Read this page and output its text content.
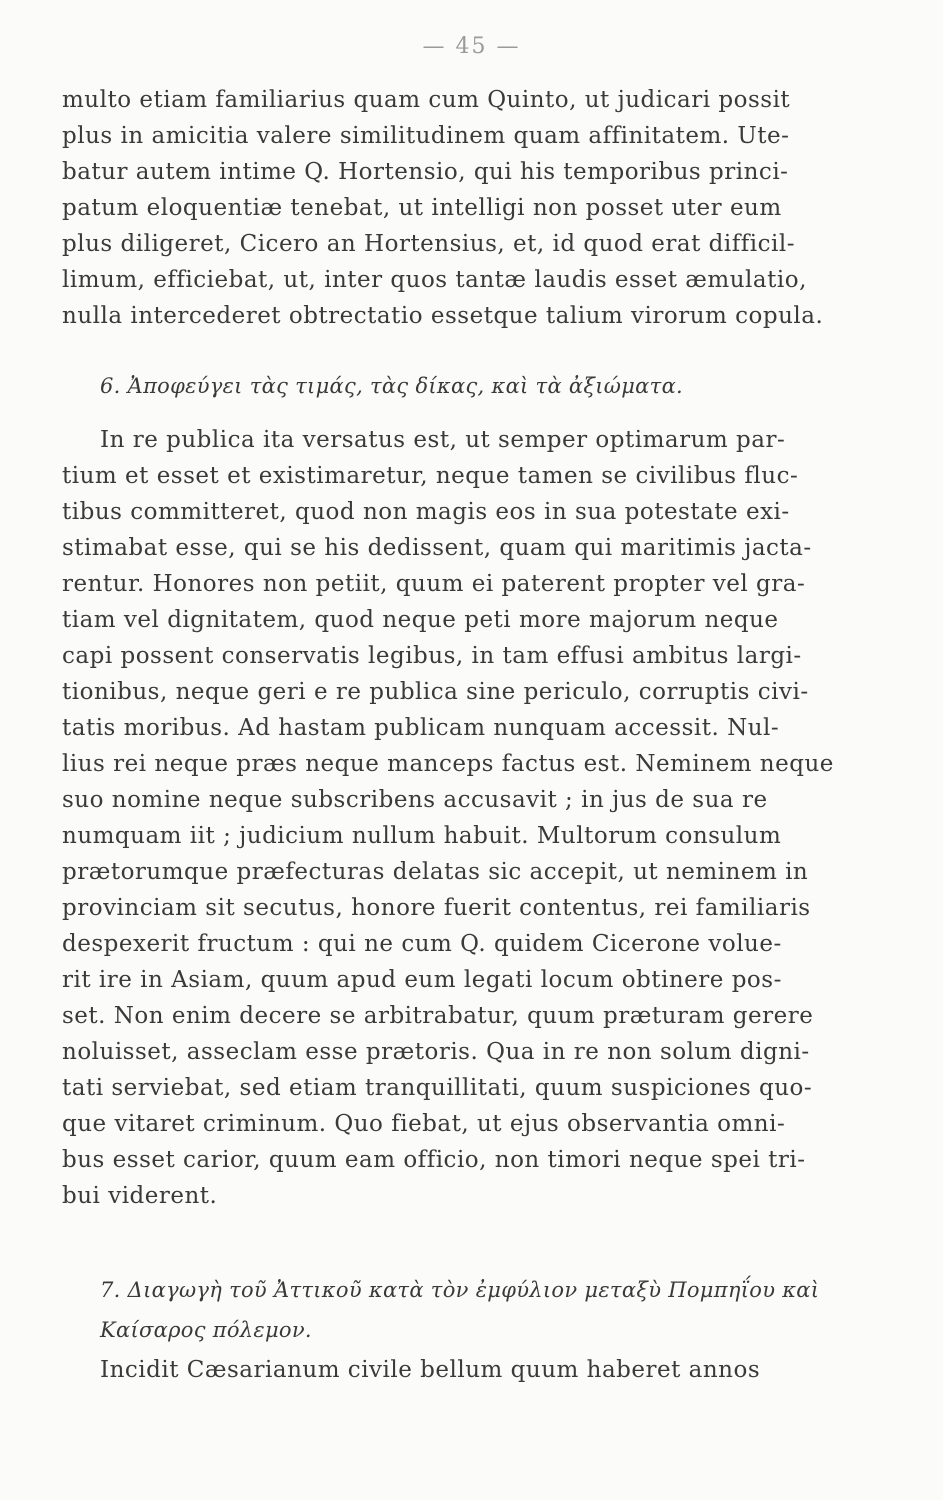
— 45 —
multo etiam familiarius quam cum Quinto, ut judicari possit
plus in amicitia valere similitudinem quam affinitatem. Ute-
batur autem intime Q. Hortensio, qui his temporibus princi-
patum eloquentiæ tenebat, ut intelligi non posset uter eum
plus diligeret, Cicero an Hortensius, et, id quod erat difficil-
limum, efficiebat, ut, inter quos tantæ laudis esset æmulatio,
nulla intercederet obtrectatio essetque talium virorum copula.
6. Ἀποφεύγει τὰς τιμάς, τὰς δίκας, καὶ τὰ ἀξιώματα.
In re publica ita versatus est, ut semper optimarum par-
tium et esset et existimaretur, neque tamen se civilibus fluc-
tibus committeret, quod non magis eos in sua potestate exi-
stimabat esse, qui se his dedissent, quam qui maritimis jacta-
rentur. Honores non petiit, quum ei paterent propter vel gra-
tiam vel dignitatem, quod neque peti more majorum neque
capi possent conservatis legibus, in tam effusi ambitus largi-
tionibus, neque geri e re publica sine periculo, corruptis civi-
tatis moribus. Ad hastam publicam nunquam accessit. Nul-
lius rei neque præs neque manceps factus est. Neminem neque
suo nomine neque subscribens accusavit ; in jus de sua re
numquam iit ; judicium nullum habuit. Multorum consulum
prætorumque præfecturas delatas sic accepit, ut neminem in
provinciam sit secutus, honore fuerit contentus, rei familiaris
despexerit fructum : qui ne cum Q. quidem Cicerone volue-
rit ire in Asiam, quum apud eum legati locum obtinere pos-
set. Non enim decere se arbitrabatur, quum præturam gerere
noluisset, asseclam esse prætoris. Qua in re non solum digni-
tati serviebat, sed etiam tranquillitati, quum suspiciones quo-
que vitaret criminum. Quo fiebat, ut ejus observantia omni-
bus esset carior, quum eam officio, non timori neque spei tri-
bui viderent.
7. Διαγωγὴ τοῦ Ἀττικοῦ κατὰ τὸν ἐμφύλιον μεταξὺ Πομπηΐου καὶ
Καίσαρος πόλεμον.
Incidit Cæsarianum civile bellum quum haberet annos
